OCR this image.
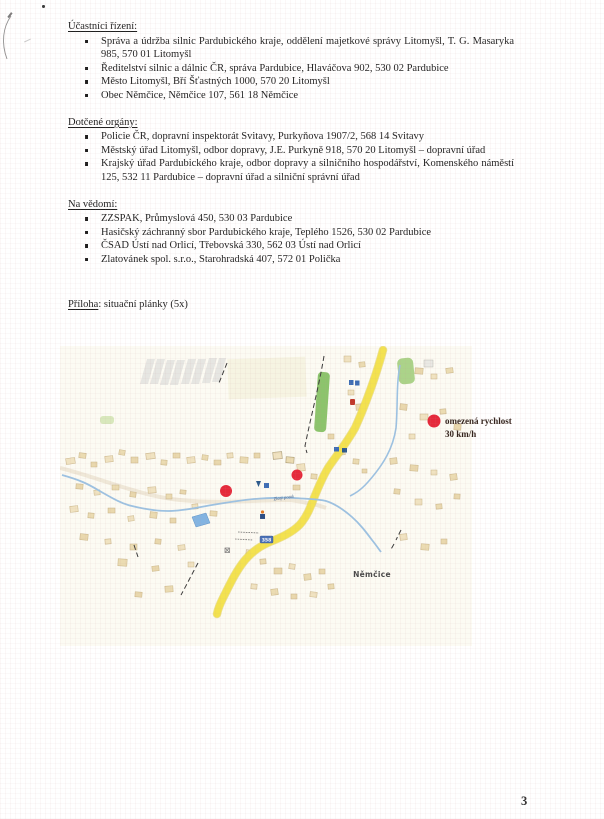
Účastníci řízení:
Správa a údržba silnic Pardubického kraje, oddělení majetkové správy Litomyšl, T. G. Masaryka 985, 570 01 Litomyšl
Ředitelství silnic a dálnic ČR, správa Pardubice, Hlaváčova 902, 530 02 Pardubice
Město Litomyšl, Bří Šťastných 1000, 570 20 Litomyšl
Obec Němčice, Němčice 107, 561 18 Němčice
Dotčené orgány:
Policie ČR, dopravní inspektorát Svitavy, Purkyňova 1907/2, 568 14 Svitavy
Městský úřad Litomyšl, odbor dopravy, J.E. Purkyně 918, 570 20 Litomyšl – dopravní úřad
Krajský úřad Pardubického kraje, odbor dopravy a silničního hospodářství, Komenského náměstí 125, 532 11 Pardubice – dopravní úřad a silniční správní úřad
Na vědomí:
ZZSPAK, Průmyslová 450, 530 03 Pardubice
Hasičský záchranný sbor Pardubického kraje, Teplého 1526, 530 02 Pardubice
ČSAD Ústí nad Orlicí, Třebovská 330, 562 03 Ústí nad Orlicí
Zlatovánek spol. s.r.o., Starohradská 407, 572 01 Polička

Příloha: situační plánky (5x)

358
omezená rychlost
30 km/h
Zlatý potok
Němčice
3
